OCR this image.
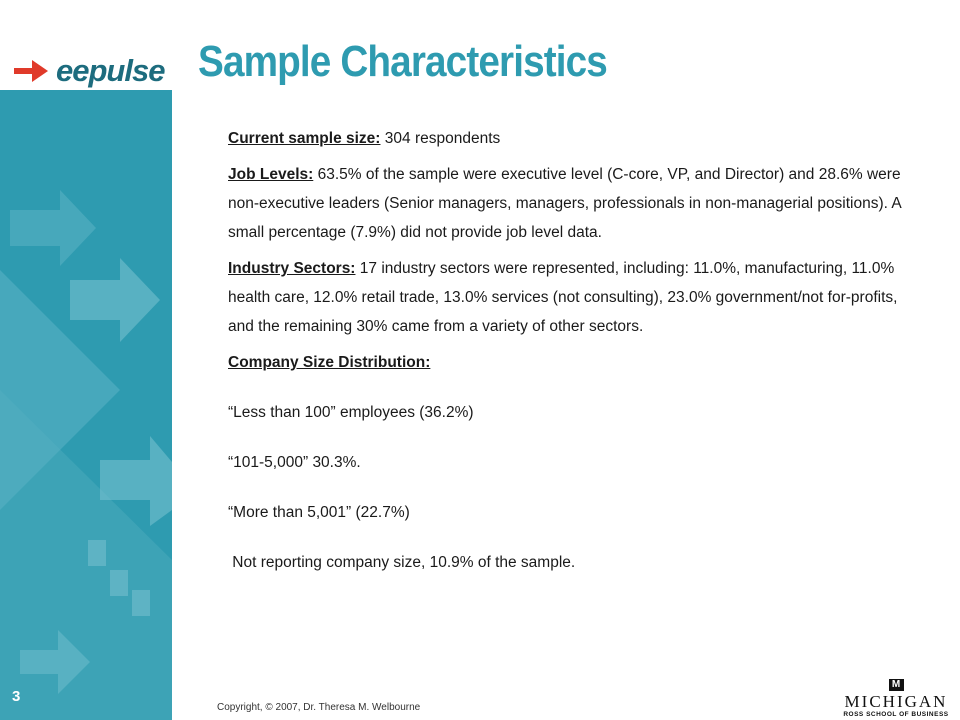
eepulse Sample Characteristics
3

Current sample size: 304 respondents

Job Levels: 63.5% of the sample were executive level (C-core, VP, and Director) and 28.6% were non-executive leaders (Senior managers, managers, professionals in non-managerial positions). A small percentage (7.9%) did not provide job level data.

Industry Sectors: 17 industry sectors were represented, including: 11.0%, manufacturing, 11.0% health care, 12.0% retail trade, 13.0% services (not consulting), 23.0% government/not for-profits, and the remaining 30% came from a variety of other sectors.

Company Size Distribution:

“Less than 100” employees (36.2%)

“101-5,000” 30.3%.

“More than 5,001” (22.7%)

Not reporting company size, 10.9% of the sample.

Copyright, © 2007, Dr. Theresa M. Welbourne
M
MICHIGAN
ROSS SCHOOL OF BUSINESS
